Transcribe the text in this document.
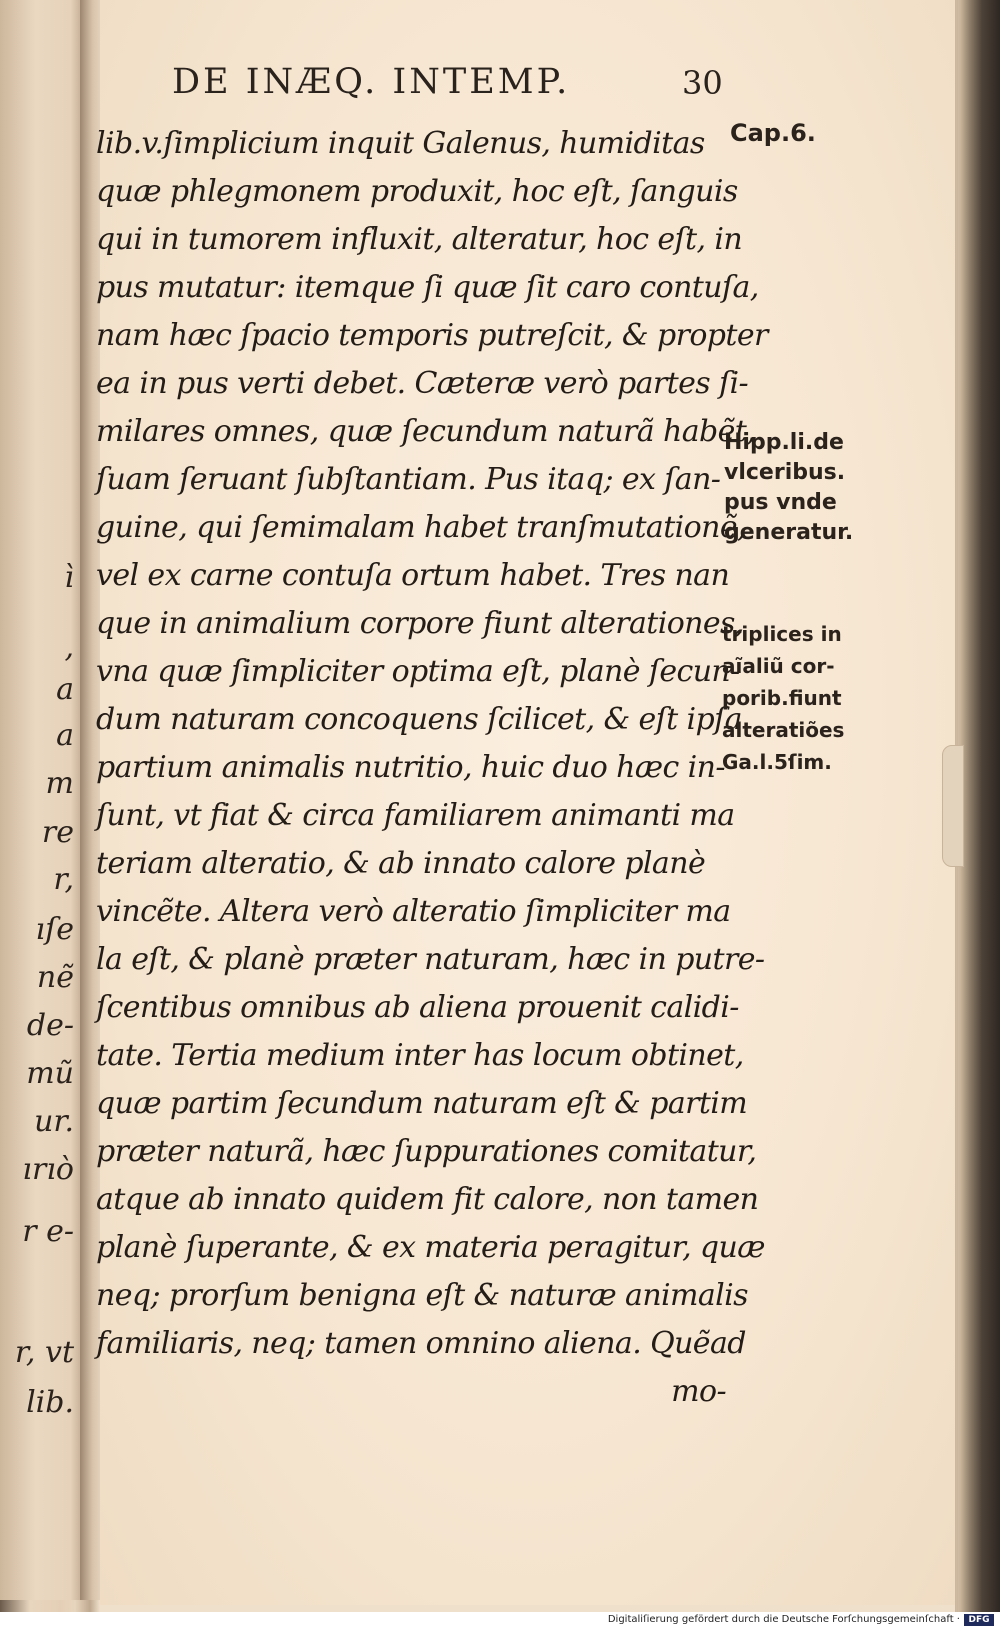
ì
,
a
a
m
re
r,
ıſe
nẽ
de-
mũ
ur.
ırıò
r e-
r, vt
lib.
DE INÆQ. INTEMP.	30
lib.v.ſimplicium inquit Galenus, humiditas
quæ phlegmonem produxit, hoc eſt, ſanguis
qui in tumorem influxit, alteratur, hoc eſt, in
pus mutatur: itemque ſi quæ ſit caro contuſa,
nam hæc ſpacio temporis putreſcit, & propter
ea in pus verti debet. Cæteræ verò partes ſi-
milares omnes, quæ ſecundum naturã habẽt,
ſuam ſeruant ſubſtantiam. Pus itaq; ex ſan-
guine, qui ſemimalam habet tranſmutationẽ,
vel ex carne contuſa ortum habet. Tres nan
que in animalium corpore fiunt alterationes,
vna quæ ſimpliciter optima eſt, planè ſecun-
dum naturam concoquens ſcilicet, & eſt ipſa
partium animalis nutritio, huic duo hæc in-
ſunt, vt fiat & circa familiarem animanti ma
teriam alteratio, & ab innato calore planè
vincẽte. Altera verò alteratio ſimpliciter ma
la eſt, & planè præter naturam, hæc in putre-
ſcentibus omnibus ab aliena prouenit calidi-
tate. Tertia medium inter has locum obtinet,
quæ partim ſecundum naturam eſt & partim
præter naturã, hæc ſuppurationes comitatur,
atque ab innato quidem fit calore, non tamen
planè ſuperante, & ex materia peragitur, quæ
neq; prorſum benigna eſt & naturæ animalis
familiaris, neq; tamen omnino aliena. Quẽad
mo-
Cap.6.
Hipp.li.de
vlceribus.
pus vnde
generatur.
triplices in
aĩaliũ cor-
porib.fiunt
alteratiões
Ga.l.5ſim.
Digitaliſierung gefördert durch die Deutsche Forſchungsgemeinſchaft · DFG
